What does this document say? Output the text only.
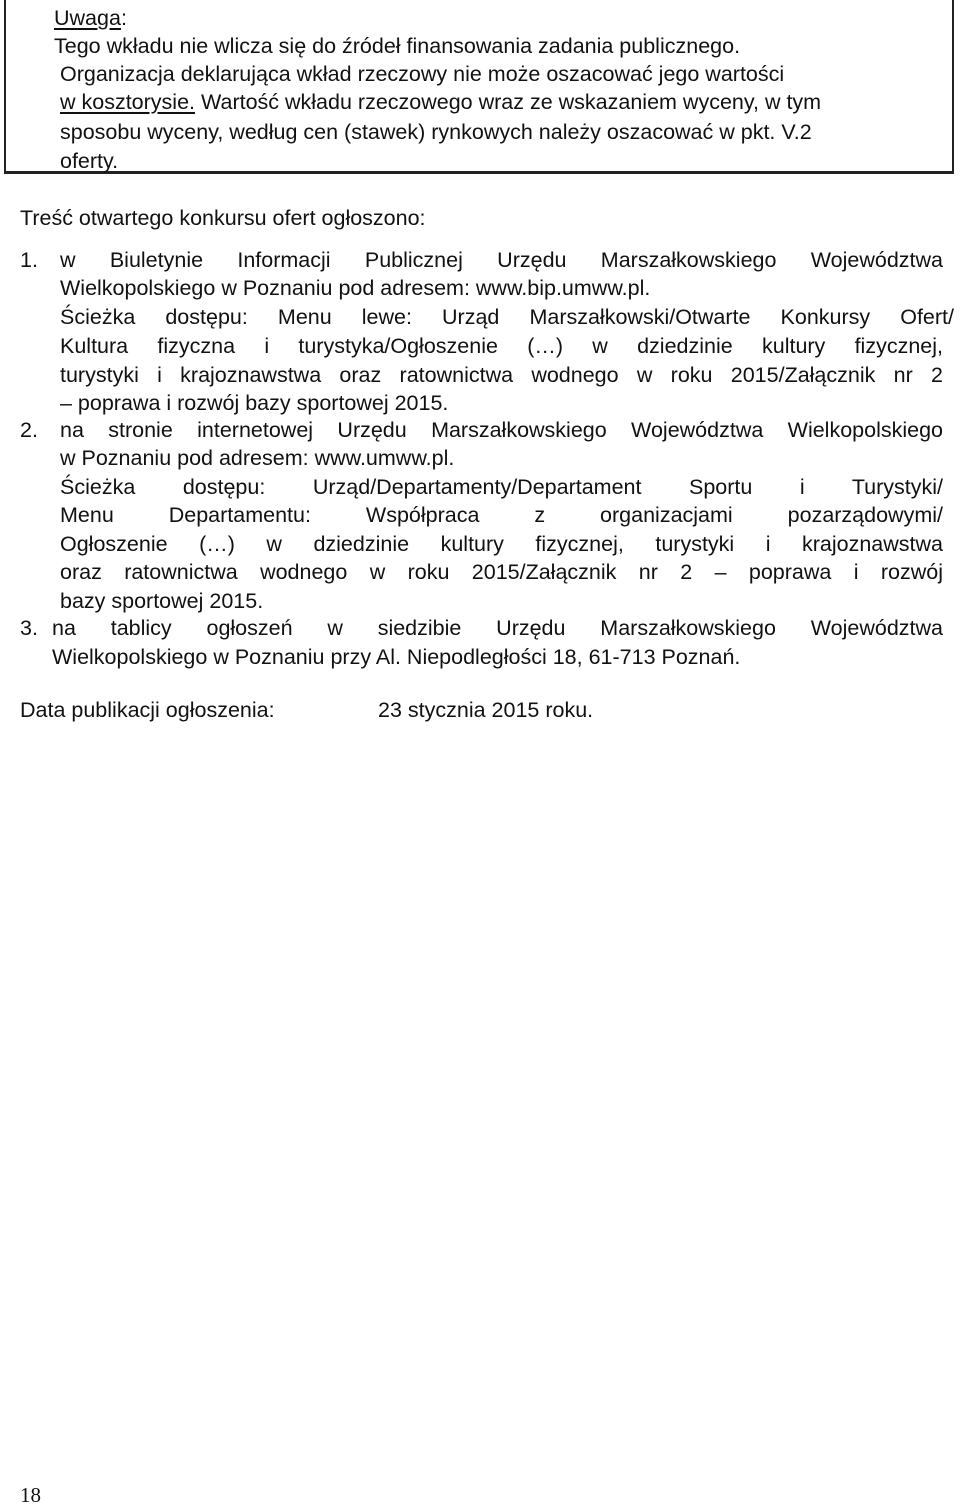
Uwaga:
Tego wkładu nie wlicza się do źródeł finansowania zadania publicznego.
Organizacja deklarująca wkład rzeczowy nie może oszacować jego wartości
w kosztorysie. Wartość wkładu rzeczowego wraz ze wskazaniem wyceny, w tym
sposobu wyceny, według cen (stawek) rynkowych należy oszacować w pkt. V.2
oferty.
Treść otwartego konkursu ofert ogłoszono:
1. w Biuletynie Informacji Publicznej Urzędu Marszałkowskiego Województwa
Wielkopolskiego w Poznaniu pod adresem: www.bip.umww.pl.
Ścieżka dostępu: Menu lewe: Urząd Marszałkowski/Otwarte Konkursy Ofert/
Kultura fizyczna i turystyka/Ogłoszenie (…) w dziedzinie kultury fizycznej,
turystyki i krajoznawstwa oraz ratownictwa wodnego w roku 2015/Załącznik nr 2
– poprawa i rozwój bazy sportowej 2015.
2. na stronie internetowej Urzędu Marszałkowskiego Województwa Wielkopolskiego
w Poznaniu pod adresem: www.umww.pl.
Ścieżka dostępu: Urząd/Departamenty/Departament Sportu i Turystyki/
Menu Departamentu: Współpraca z organizacjami pozarządowymi/
Ogłoszenie (…) w dziedzinie kultury fizycznej, turystyki i krajoznawstwa
oraz ratownictwa wodnego w roku 2015/Załącznik nr 2 – poprawa i rozwój
bazy sportowej 2015.
3. na tablicy ogłoszeń w siedzibie Urzędu Marszałkowskiego Województwa
Wielkopolskiego w Poznaniu przy Al. Niepodległości 18, 61-713 Poznań.
Data publikacji ogłoszenia:	23 stycznia 2015 roku.
18
